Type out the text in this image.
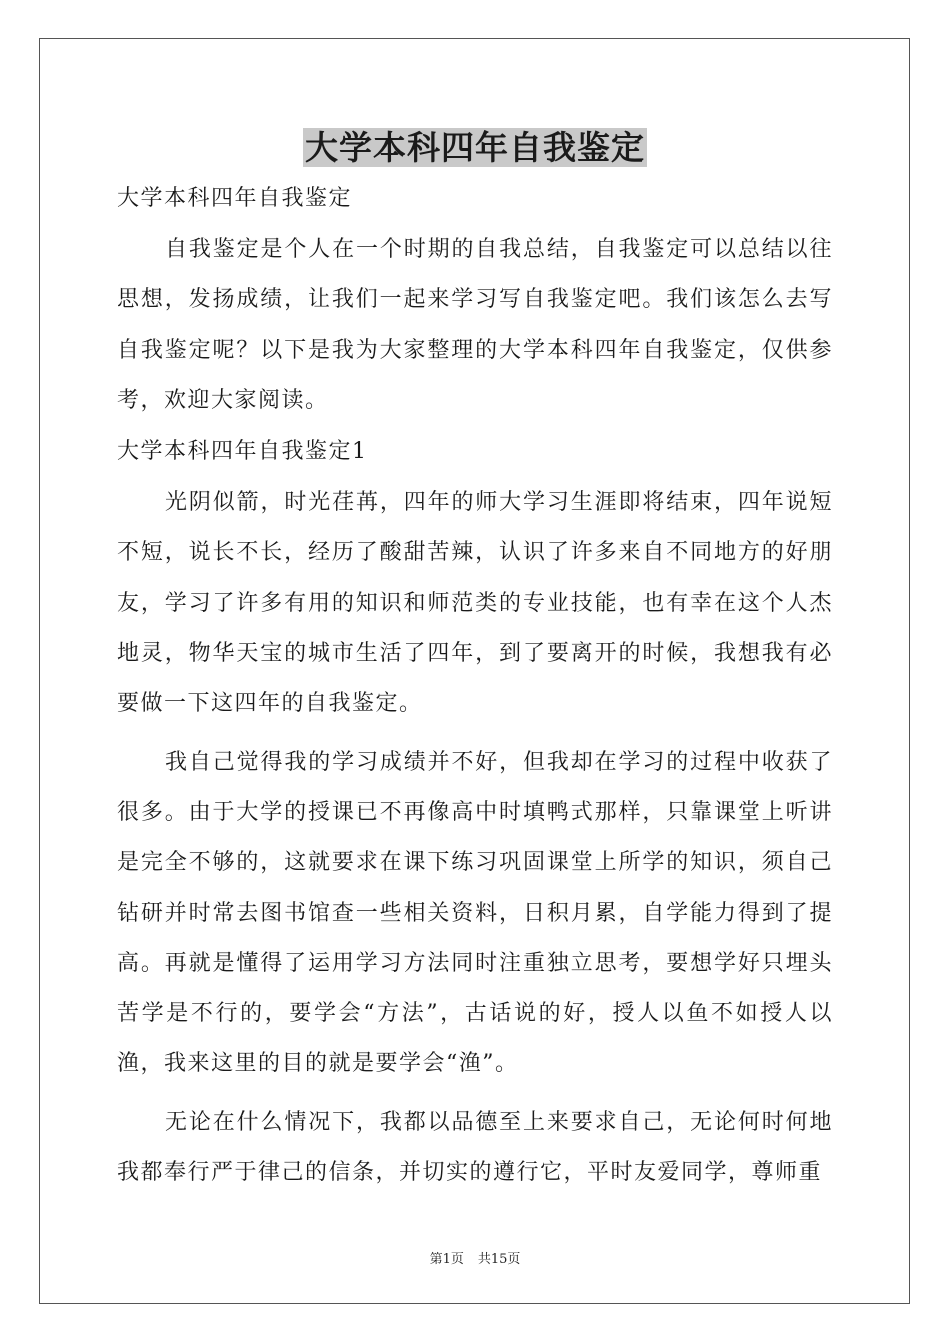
大学本科四年自我鉴定

大学本科四年自我鉴定

自我鉴定是个人在一个时期的自我总结，自我鉴定可以总结以往思想，发扬成绩，让我们一起来学习写自我鉴定吧。我们该怎么去写自我鉴定呢？以下是我为大家整理的大学本科四年自我鉴定，仅供参考，欢迎大家阅读。

大学本科四年自我鉴定1

光阴似箭，时光荏苒，四年的师大学习生涯即将结束，四年说短不短，说长不长，经历了酸甜苦辣，认识了许多来自不同地方的好朋友，学习了许多有用的知识和师范类的专业技能，也有幸在这个人杰地灵，物华天宝的城市生活了四年，到了要离开的时候，我想我有必要做一下这四年的自我鉴定。

我自己觉得我的学习成绩并不好，但我却在学习的过程中收获了很多。由于大学的授课已不再像高中时填鸭式那样，只靠课堂上听讲是完全不够的，这就要求在课下练习巩固课堂上所学的知识，须自己钻研并时常去图书馆查一些相关资料，日积月累，自学能力得到了提高。再就是懂得了运用学习方法同时注重独立思考，要想学好只埋头苦学是不行的，要学会“方法”，古话说的好，授人以鱼不如授人以渔，我来这里的目的就是要学会“渔”。

无论在什么情况下，我都以品德至上来要求自己，无论何时何地我都奉行严于律己的信条，并切实的遵行它，平时友爱同学，尊师重

第1页 共15页
